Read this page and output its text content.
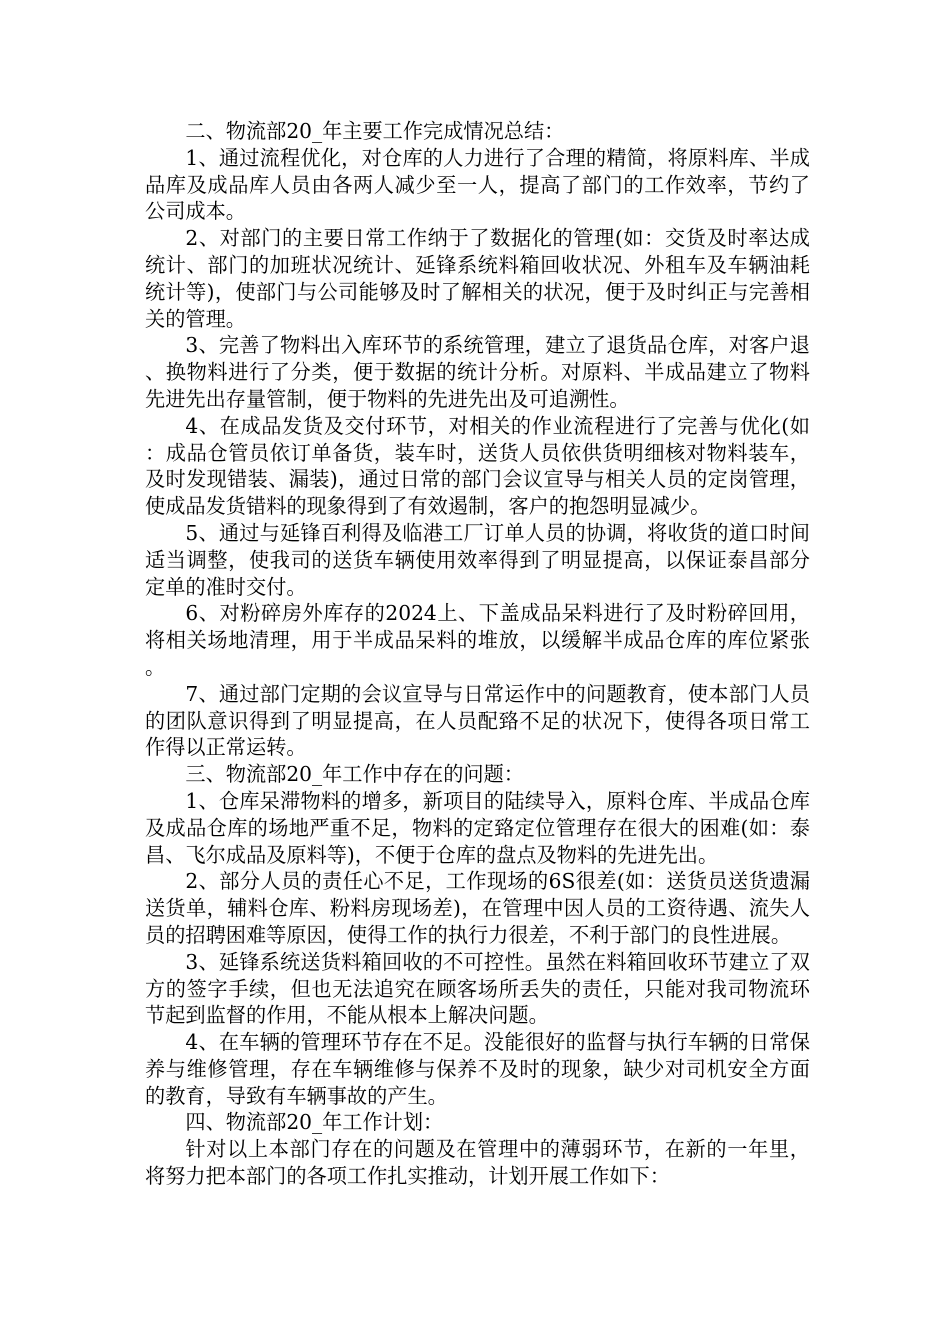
二、物流部20_年主要工作完成情况总结：

1、通过流程优化，对仓库的人力进行了合理的精简，将原料库、半成品库及成品库人员由各两人减少至一人，提高了部门的工作效率，节约了公司成本。

2、对部门的主要日常工作纳于了数据化的管理(如：交货及时率达成统计、部门的加班状况统计、延锋系统料箱回收状况、外租车及车辆油耗统计等)，使部门与公司能够及时了解相关的状况，便于及时纠正与完善相关的管理。

3、完善了物料出入库环节的系统管理，建立了退货品仓库，对客户退、换物料进行了分类，便于数据的统计分析。对原料、半成品建立了物料先进先出存量管制，便于物料的先进先出及可追溯性。

4、在成品发货及交付环节，对相关的作业流程进行了完善与优化(如：成品仓管员依订单备货，装车时，送货人员依供货明细核对物料装车，及时发现错装、漏装)，通过日常的部门会议宣导与相关人员的定岗管理，使成品发货错料的现象得到了有效遏制，客户的抱怨明显减少。

5、通过与延锋百利得及临港工厂订单人员的协调，将收货的道口时间适当调整，使我司的送货车辆使用效率得到了明显提高，以保证泰昌部分定单的准时交付。

6、对粉碎房外库存的2024上、下盖成品呆料进行了及时粉碎回用，将相关场地清理，用于半成品呆料的堆放，以缓解半成品仓库的库位紧张。

7、通过部门定期的会议宣导与日常运作中的问题教育，使本部门人员的团队意识得到了明显提高，在人员配臵不足的状况下，使得各项日常工作得以正常运转。

三、物流部20_年工作中存在的问题：

1、仓库呆滞物料的增多，新项目的陆续导入，原料仓库、半成品仓库及成品仓库的场地严重不足，物料的定臵定位管理存在很大的困难(如：泰昌、飞尔成品及原料等)，不便于仓库的盘点及物料的先进先出。

2、部分人员的责任心不足，工作现场的6S很差(如：送货员送货遗漏送货单，辅料仓库、粉料房现场差)，在管理中因人员的工资待遇、流失人员的招聘困难等原因，使得工作的执行力很差，不利于部门的良性进展。

3、延锋系统送货料箱回收的不可控性。虽然在料箱回收环节建立了双方的签字手续，但也无法追究在顾客场所丢失的责任，只能对我司物流环节起到监督的作用，不能从根本上解决问题。

4、在车辆的管理环节存在不足。没能很好的监督与执行车辆的日常保养与维修管理，存在车辆维修与保养不及时的现象，缺少对司机安全方面的教育，导致有车辆事故的产生。

四、物流部20_年工作计划：

针对以上本部门存在的问题及在管理中的薄弱环节，在新的一年里，将努力把本部门的各项工作扎实推动，计划开展工作如下：
